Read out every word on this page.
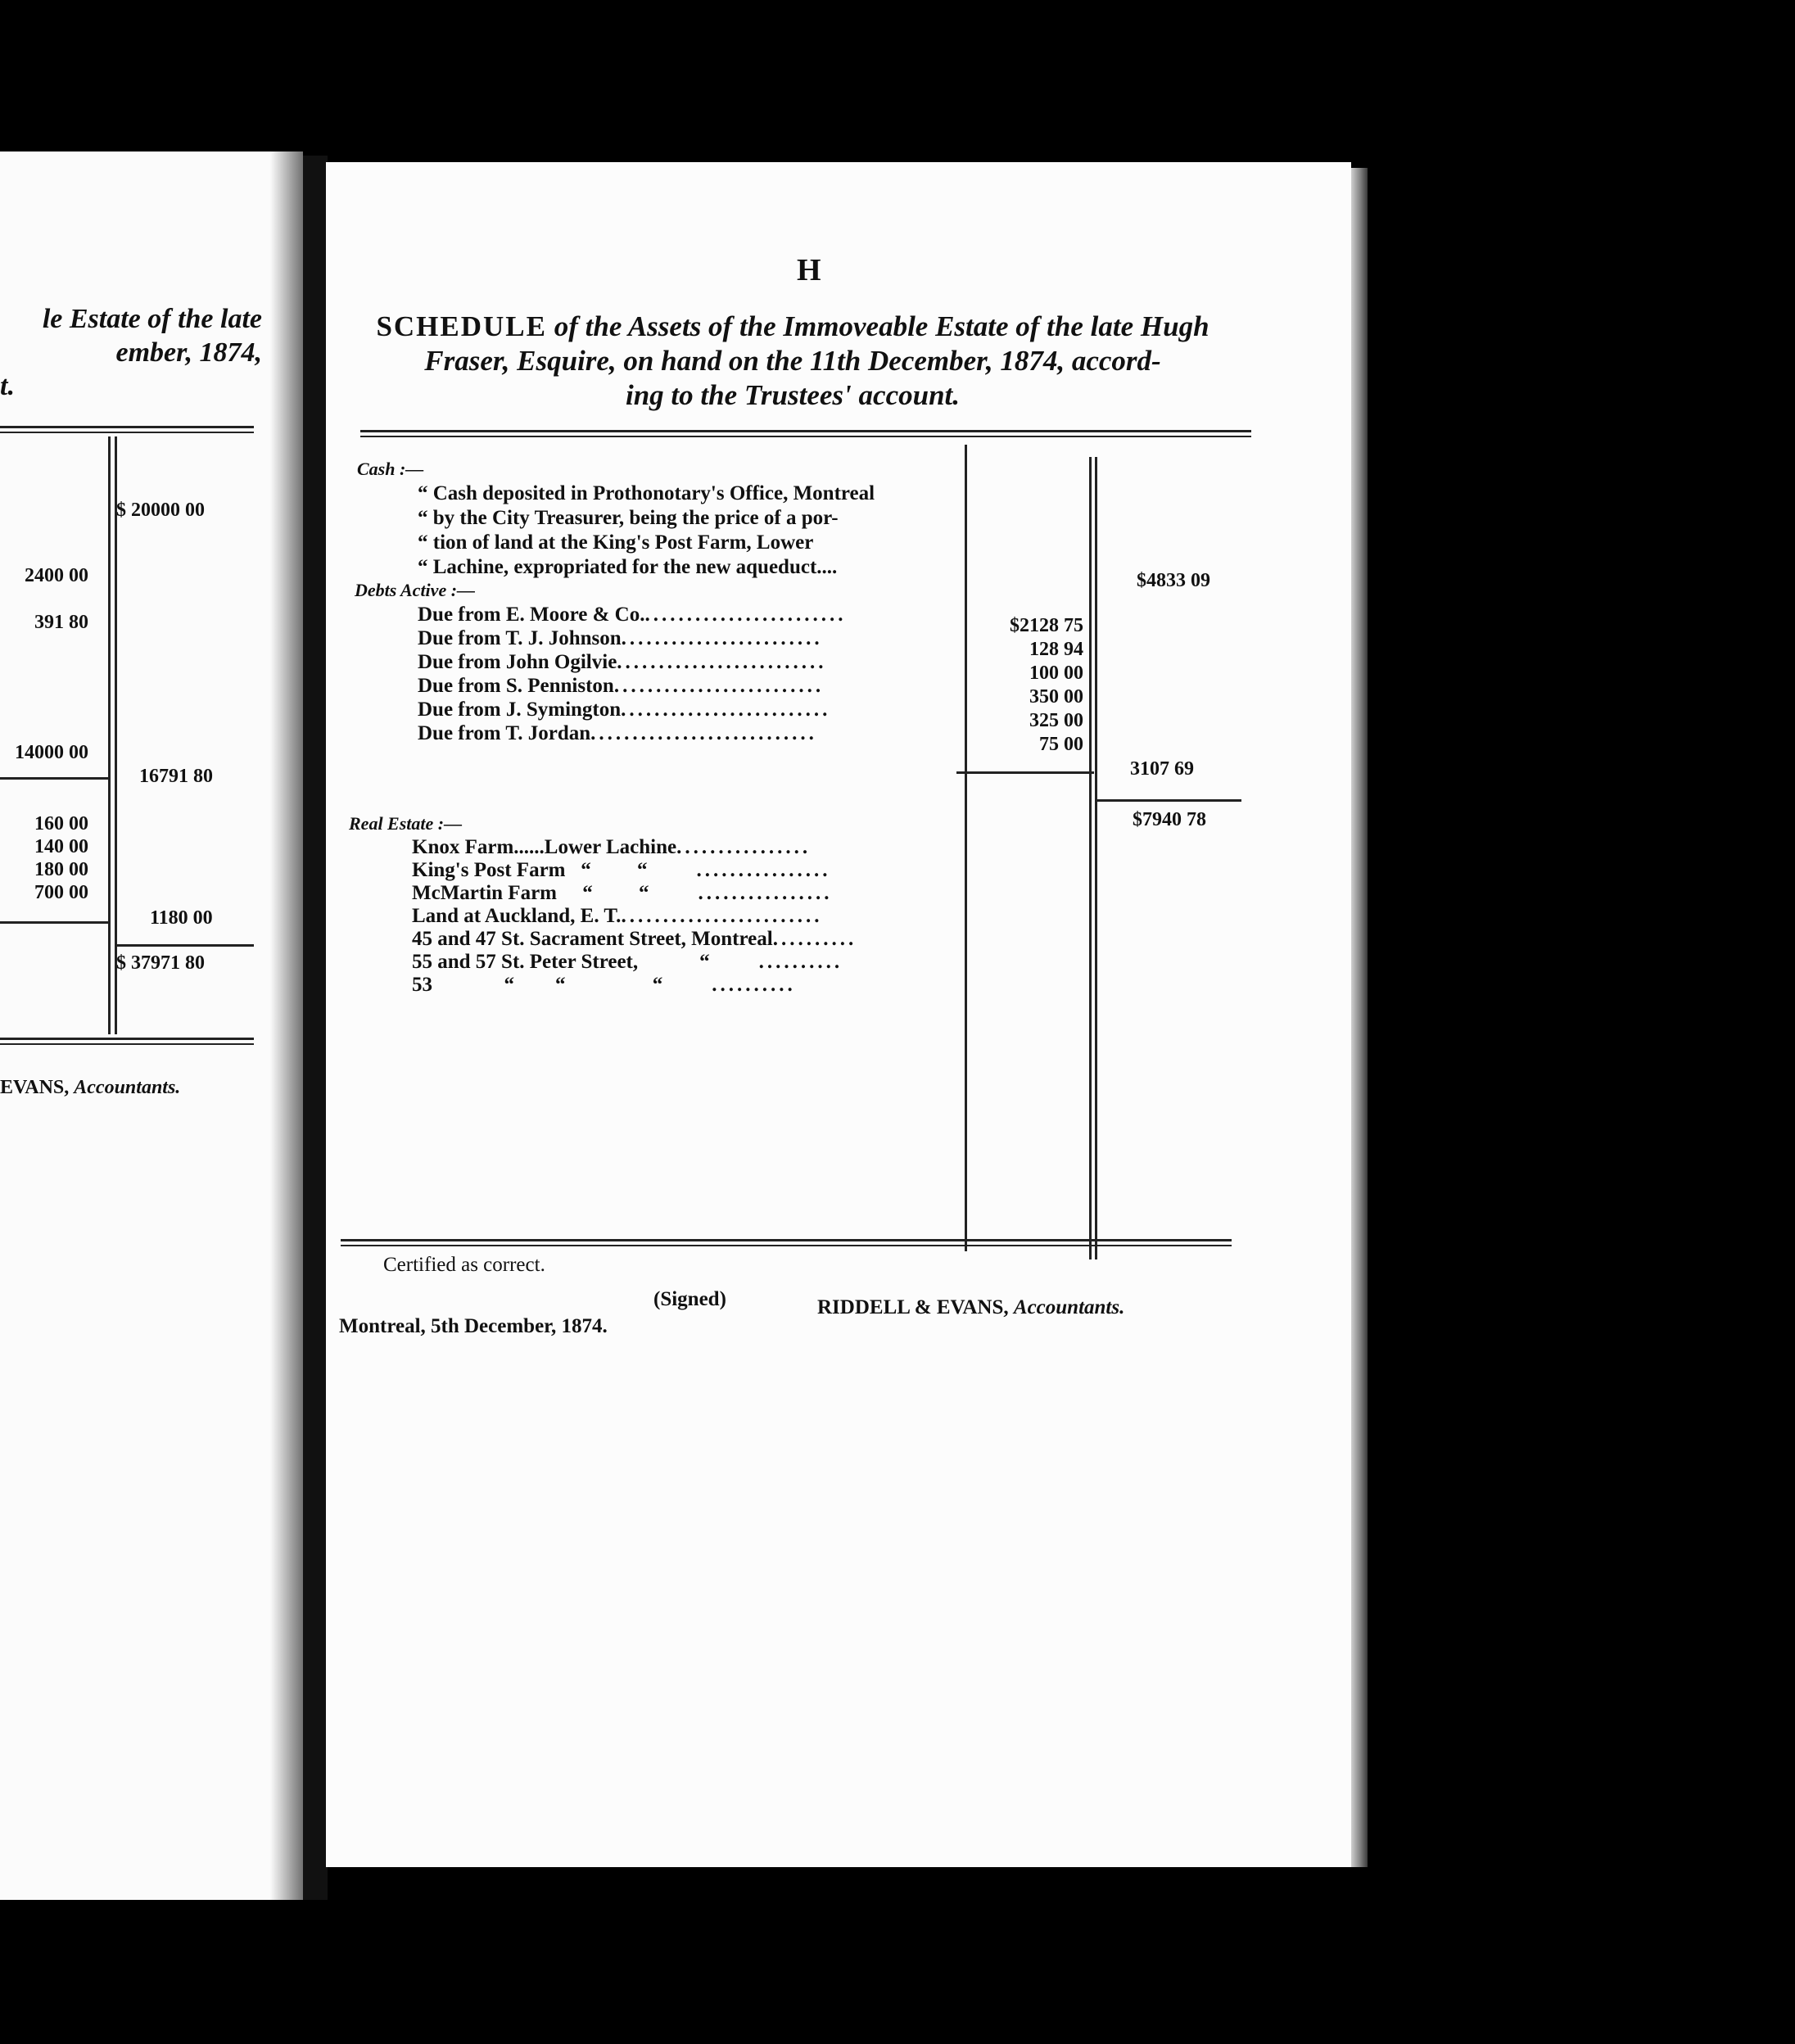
le Estate of the late
ember, 1874,
t.
$ 20000 00
2400 00
391 80
14000 00
16791 80
160 00
140 00
180 00
700 00
1180 00
$ 37971 80
EVANS, Accountants.
H
SCHEDULE of the Assets of the Immoveable Estate of the late Hugh
Fraser, Esquire, on hand on the 11th December, 1874, accord-
ing to the Trustees' account.
Cash :—
“ Cash deposited in Prothonotary's Office, Montreal
“ by the City Treasurer, being the price of a por-
“ tion of land at the King's Post Farm, Lower
“ Lachine, expropriated for the new aqueduct....
$4833 09
Debts Active :—
Due from E. Moore & Co.........................
Due from T. J. Johnson........................
Due from John Ogilvie.........................
Due from S. Penniston.........................
Due from J. Symington.........................
Due from T. Jordan...........................
$2128 75
128 94
100 00
350 00
325 00
75 00
3107 69
$7940 78
Real Estate :—
Knox Farm......Lower Lachine................
King's Post Farm   “         “ ................
McMartin Farm     “         “ ................
Land at Auckland, E. T.........................
45 and 47 St. Sacrament Street, Montreal..........
55 and 57 St. Peter Street,            “ ..........
53              “        “                 “ ..........
Certified as correct.
(Signed)	RIDDELL & EVANS, Accountants.
Montreal, 5th December, 1874.
